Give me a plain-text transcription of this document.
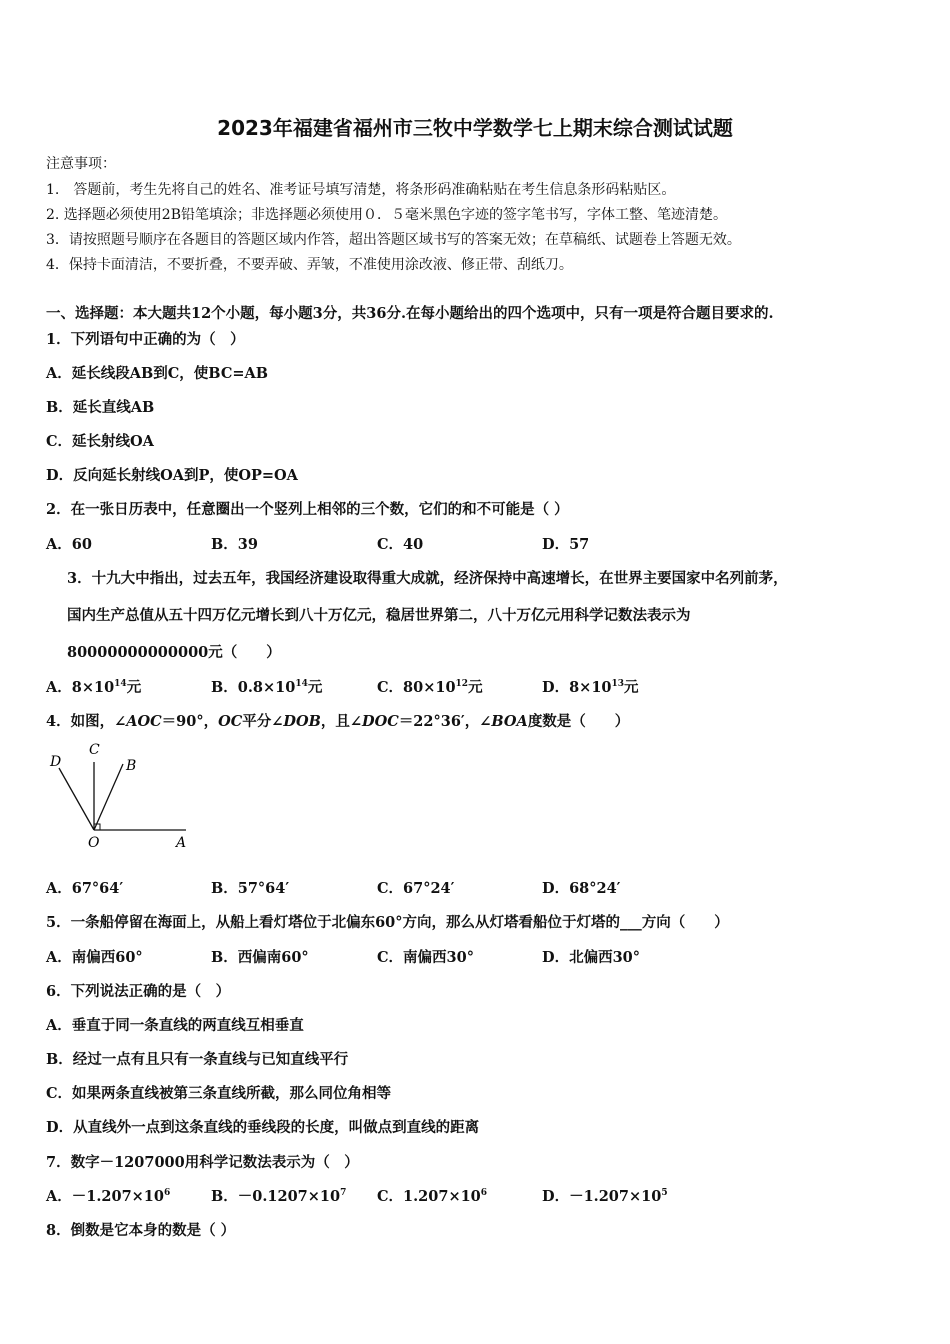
2023年福建省福州市三牧中学数学七上期末综合测试试题
注意事项：
1.　答题前，考生先将自己的姓名、准考证号填写清楚，将条形码准确粘贴在考生信息条形码粘贴区。
2. 选择题必须使用2B铅笔填涂；非选择题必须使用０．５毫米黑色字迹的签字笔书写，字体工整、笔迹清楚。
3．请按照题号顺序在各题目的答题区域内作答，超出答题区域书写的答案无效；在草稿纸、试题卷上答题无效。
4．保持卡面清洁，不要折叠，不要弄破、弄皱，不准使用涂改液、修正带、刮纸刀。
一、选择题：本大题共12个小题，每小题3分，共36分.在每小题给出的四个选项中，只有一项是符合题目要求的.
1．下列语句中正确的为（　）
A．延长线段AB到C，使BC=AB
B．延长直线AB
C．延长射线OA
D．反向延长射线OA到P，使OP=OA
2．在一张日历表中，任意圈出一个竖列上相邻的三个数，它们的和不可能是（ ）
A．60	B．39	C．40	D．57
3．十九大中指出，过去五年，我国经济建设取得重大成就，经济保持中高速增长，在世界主要国家中名列前茅，
国内生产总值从五十四万亿元增长到八十万亿元，稳居世界第二，八十万亿元用科学记数法表示为
80000000000000元（　　）
A．$8\times 10^{14}$元	B．$0.8\times 10^{14}$元	C．$80\times 10^{12}$元	D．$8\times 10^{13}$元
4．如图，∠AOC＝90°，OC平分∠DOB，且∠DOC＝22°36′，∠BOA度数是（　　）
D
C
B
O	A
A．67°64′	B．57°64′	C．67°24′	D．68°24′
5．一条船停留在海面上，从船上看灯塔位于北偏东60°方向，那么从灯塔看船位于灯塔的___方向（　　）
A．南偏西60°	B．西偏南60°	C．南偏西30°	D．北偏西30°
6．下列说法正确的是（　）
A．垂直于同一条直线的两直线互相垂直
B．经过一点有且只有一条直线与已知直线平行
C．如果两条直线被第三条直线所截，那么同位角相等
D．从直线外一点到这条直线的垂线段的长度，叫做点到直线的距离
7．数字－1207000用科学记数法表示为（　）
A．$-1.207\times 10^6$	B．$-0.1207\times 10^7$ C．$1.207\times 10^6$	D．$-1.207\times 10^5$
8．倒数是它本身的数是（ ）
